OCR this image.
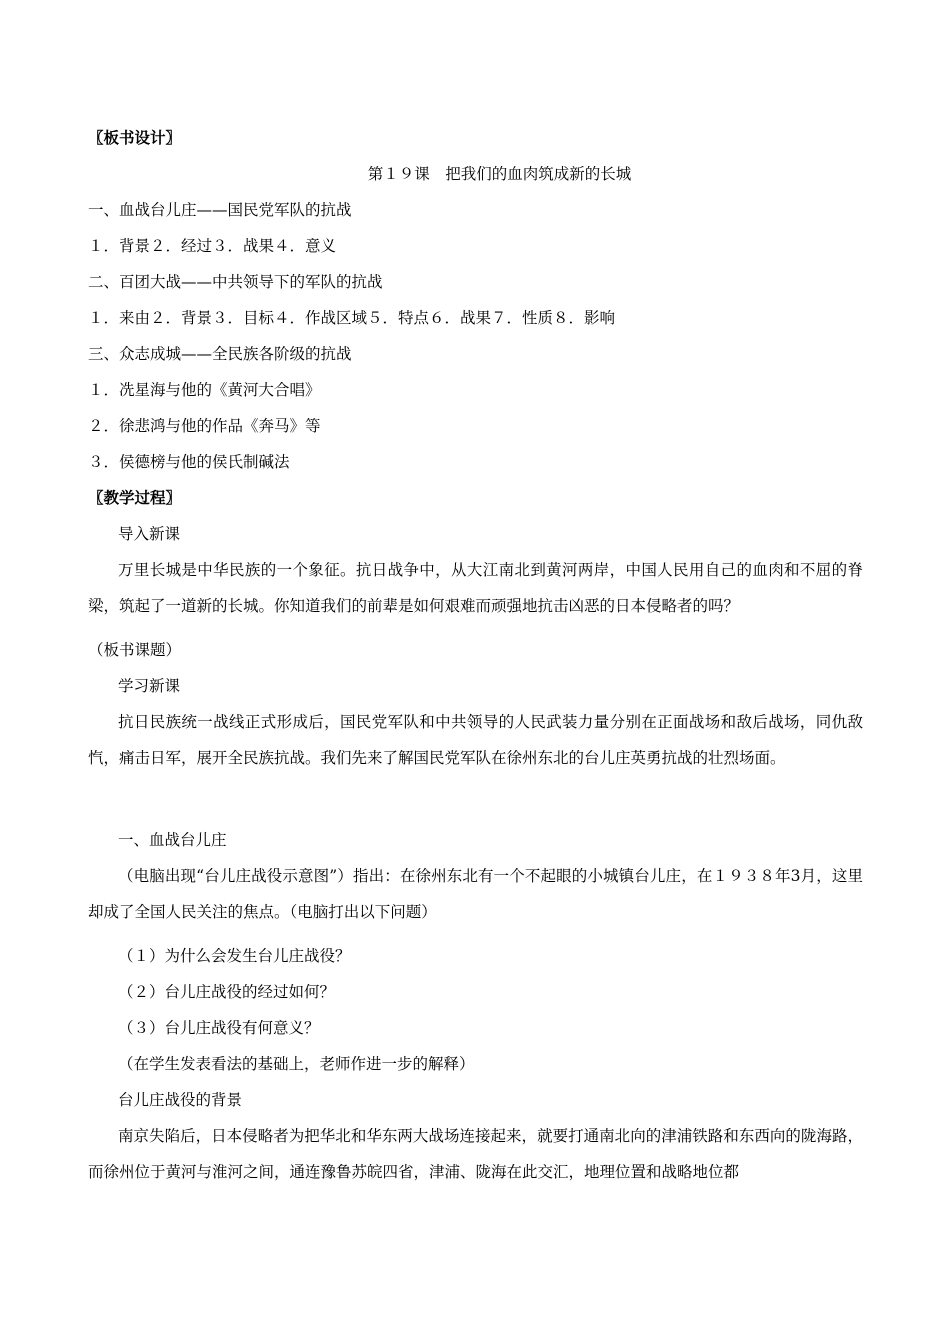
〖板书设计〗
第１９课　把我们的血肉筑成新的长城
一、血战台儿庄——国民党军队的抗战
１．背景２．经过３．战果４．意义
二、百团大战——中共领导下的军队的抗战
１．来由２．背景３．目标４．作战区域５．特点６．战果７．性质８．影响
三、众志成城——全民族各阶级的抗战
１．冼星海与他的《黄河大合唱》
２．徐悲鸿与他的作品《奔马》等
３．侯德榜与他的侯氏制碱法
〖教学过程〗
导入新课
万里长城是中华民族的一个象征。抗日战争中，从大江南北到黄河两岸，中国人民用自己的血肉和不屈的脊梁，筑起了一道新的长城。你知道我们的前辈是如何艰难而顽强地抗击凶恶的日本侵略者的吗？
（板书课题）
学习新课
抗日民族统一战线正式形成后，国民党军队和中共领导的人民武装力量分别在正面战场和敌后战场，同仇敌忾，痛击日军，展开全民族抗战。我们先来了解国民党军队在徐州东北的台儿庄英勇抗战的壮烈场面。
一、血战台儿庄
（电脑出现“台儿庄战役示意图”）指出：在徐州东北有一个不起眼的小城镇台儿庄，在１９３８年3月，这里却成了全国人民关注的焦点。（电脑打出以下问题）
（１）为什么会发生台儿庄战役？
（２）台儿庄战役的经过如何？
（３）台儿庄战役有何意义？
（在学生发表看法的基础上，老师作进一步的解释）
台儿庄战役的背景
南京失陷后，日本侵略者为把华北和华东两大战场连接起来，就要打通南北向的津浦铁路和东西向的陇海路，而徐州位于黄河与淮河之间，通连豫鲁苏皖四省，津浦、陇海在此交汇，地理位置和战略地位都
